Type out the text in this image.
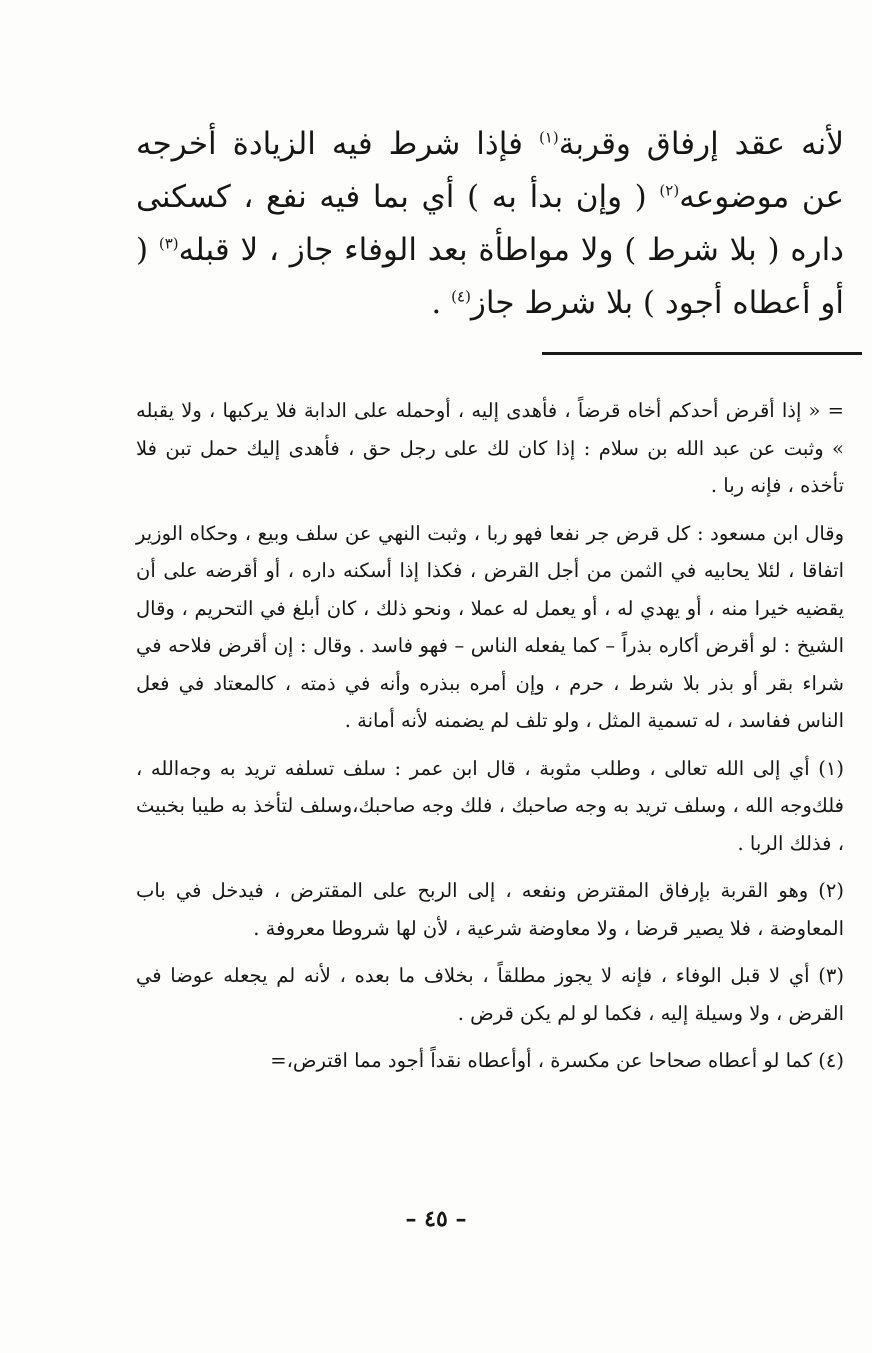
لأنه عقد إرفاق وقربة$^{(١)}$ فإذا شرط فيه الزيادة أخرجه عن موضوعه$^{(٢)}$ ( وإن بدأ به ) أي بما فيه نفع ، كسكنى داره ( بلا شرط ) ولا مواطأة بعد الوفاء جاز ، لا قبله$^{(٣)}$ ( أو أعطاه أجود ) بلا شرط جاز$^{(٤)}$ .

= « إذا أقرض أحدكم أخاه قرضاً ، فأهدى إليه ، أوحمله على الدابة فلا يركبها ، ولا يقبله » وثبت عن عبد الله بن سلام : إذا كان لك على رجل حق ، فأهدى إليك حمل تبن فلا تأخذه ، فإنه ربا .

وقال ابن مسعود : كل قرض جر نفعا فهو ربا ، وثبت النهي عن سلف وبيع ، وحكاه الوزير اتفاقا ، لئلا يحابيه في الثمن من أجل القرض ، فكذا إذا أسكنه داره ، أو أقرضه على أن يقضيه خيرا منه ، أو يهدي له ، أو يعمل له عملا ، ونحو ذلك ، كان أبلغ في التحريم ، وقال الشيخ : لو أقرض أكاره بذراً – كما يفعله الناس – فهو فاسد . وقال : إن أقرض فلاحه في شراء بقر أو بذر بلا شرط ، حرم ، وإن أمره ببذره وأنه في ذمته ، كالمعتاد في فعل الناس ففاسد ، له تسمية المثل ، ولو تلف لم يضمنه لأنه أمانة .

(١) أي إلى الله تعالى ، وطلب مثوبة ، قال ابن عمر : سلف تسلفه تريد به وجه‌الله ، فلك‌وجه الله ، وسلف تريد به وجه صاحبك ، فلك وجه صاحبك،وسلف لتأخذ به طيبا بخبيث ، فذلك الربا .

(٢) وهو القربة بإرفاق المقترض ونفعه ، إلى الربح على المقترض ، فيدخل في باب المعاوضة ، فلا يصير قرضا ، ولا معاوضة شرعية ، لأن لها شروطا معروفة .

(٣) أي لا قبل الوفاء ، فإنه لا يجوز مطلقاً ، بخلاف ما بعده ، لأنه لم يجعله عوضا في القرض ، ولا وسيلة إليه ، فكما لو لم يكن قرض .

(٤) كما لو أعطاه صحاحا عن مكسرة ، أوأعطاه نقداً أجود مما اقترض،=

– ٤٥ –
